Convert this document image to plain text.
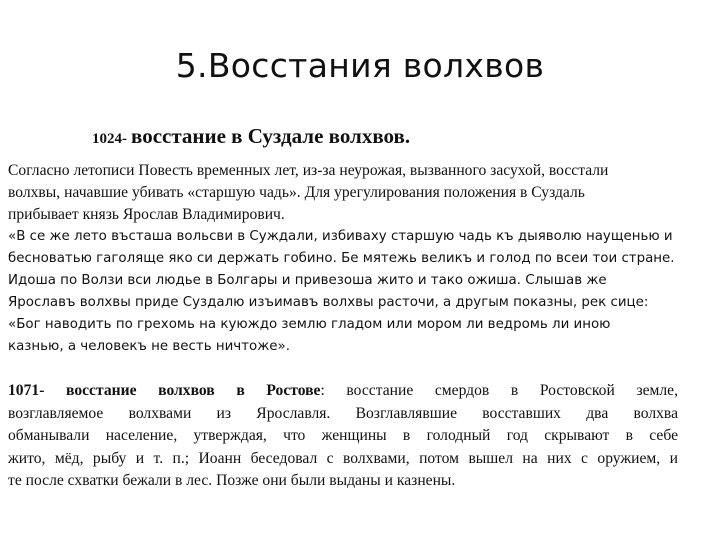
5.Восстания волхвов
1024- восстание в Суздале волхвов.
Согласно летописи Повесть временных лет, из-за неурожая, вызванного засухой, восстали
волхвы, начавшие убивать «старшую чадь». Для урегулирования положения в Суздаль
прибывает князь Ярослав Владимирович.
«В се же лето въсташа вольсви в Суждали, избиваху старшую чадь къ дыяволю наущенью и
бесноватью гаголяще яко си держать гобино. Бе мятежь великъ и голод по всеи тои стране.
Идоша по Волзи вси людье в Болгары и привезоша жито и тако ожиша. Слышав же
Ярославъ волхвы приде Суздалю изъимавъ волхвы расточи, а другым показны, рек сице:
«Бог наводить по грехомь на куюждо землю гладом или мором ли ведромь ли иною
казнью, а человекъ не весть ничтоже».
1071- восстание волхвов в Ростове: восстание смердов в Ростовской земле,
возглавляемое волхвами из Ярославля. Возглавлявшие восставших два волхва
обманывали население, утверждая, что женщины в голодный год скрывают в себе
жито, мёд, рыбу и т. п.; Иоанн беседовал с волхвами, потом вышел на них с оружием, и
те после схватки бежали в лес. Позже они были выданы и казнены.
